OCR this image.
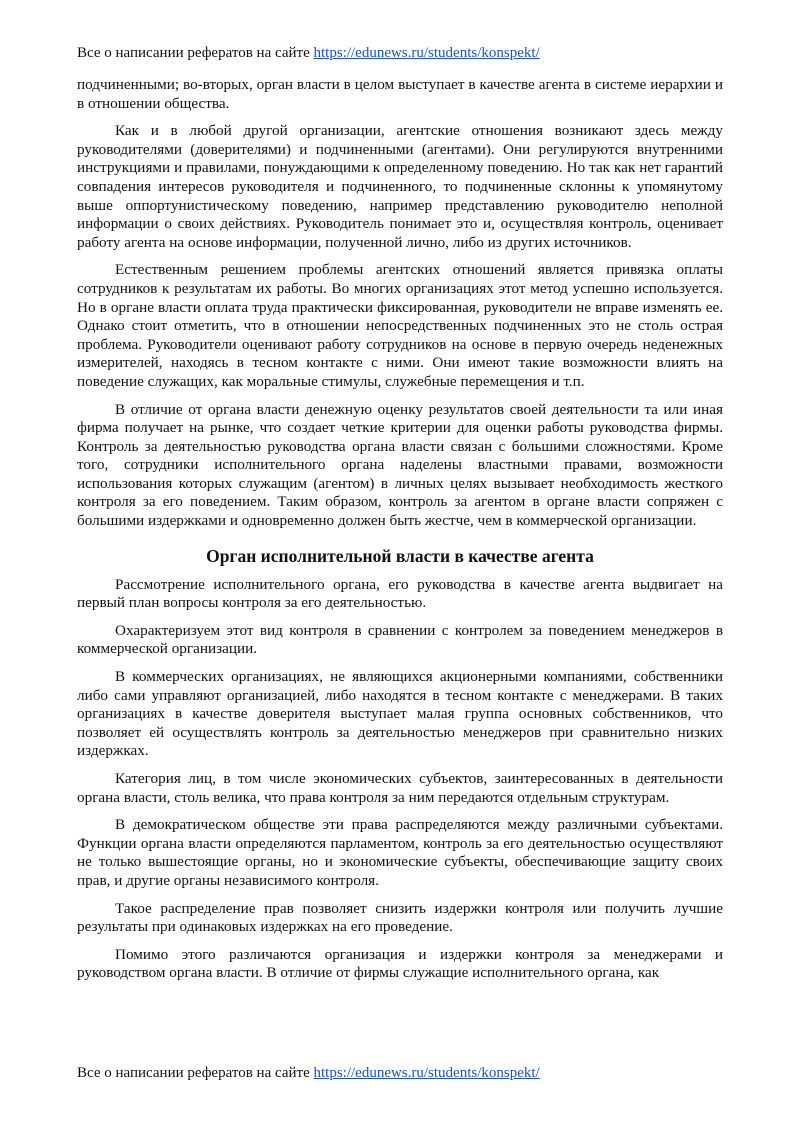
Все о написании рефератов на сайте https://edunews.ru/students/konspekt/

подчиненными; во-вторых, орган власти в целом выступает в качестве агента в системе иерархии и в отношении общества.

Как и в любой другой организации, агентские отношения возникают здесь между руководителями (доверителями) и подчиненными (агентами). Они регулируются внутренними инструкциями и правилами, понуждающими к определенному поведению. Но так как нет гарантий совпадения интересов руководителя и подчиненного, то подчиненные склонны к упомянутому выше оппортунистическому поведению, например представлению руководителю неполной информации о своих действиях. Руководитель понимает это и, осуществляя контроль, оценивает работу агента на основе информации, полученной лично, либо из других источников.

Естественным решением проблемы агентских отношений является привязка оплаты сотрудников к результатам их работы. Во многих организациях этот метод успешно используется. Но в органе власти оплата труда практически фиксированная, руководители не вправе изменять ее. Однако стоит отметить, что в отношении непосредственных подчиненных это не столь острая проблема. Руководители оценивают работу сотрудников на основе в первую очередь неденежных измерителей, находясь в тесном контакте с ними. Они имеют такие возможности влиять на поведение служащих, как моральные стимулы, служебные перемещения и т.п.

В отличие от органа власти денежную оценку результатов своей деятельности та или иная фирма получает на рынке, что создает четкие критерии для оценки работы руководства фирмы. Контроль за деятельностью руководства органа власти связан с большими сложностями. Кроме того, сотрудники исполнительного органа наделены властными правами, возможности использования которых служащим (агентом) в личных целях вызывает необходимость жесткого контроля за его поведением. Таким образом, контроль за агентом в органе власти сопряжен с большими издержками и одновременно должен быть жестче, чем в коммерческой организации.

Орган исполнительной власти в качестве агента

Рассмотрение исполнительного органа, его руководства в качестве агента выдвигает на первый план вопросы контроля за его деятельностью.

Охарактеризуем этот вид контроля в сравнении с контролем за поведением менеджеров в коммерческой организации.

В коммерческих организациях, не являющихся акционерными компаниями, собственники либо сами управляют организацией, либо находятся в тесном контакте с менеджерами. В таких организациях в качестве доверителя выступает малая группа основных собственников, что позволяет ей осуществлять контроль за деятельностью менеджеров при сравнительно низких издержках.

Категория лиц, в том числе экономических субъектов, заинтересованных в деятельности органа власти, столь велика, что права контроля за ним передаются отдельным структурам.

В демократическом обществе эти права распределяются между различными субъектами. Функции органа власти определяются парламентом, контроль за его деятельностью осуществляют не только вышестоящие органы, но и экономические субъекты, обеспечивающие защиту своих прав, и другие органы независимого контроля.

Такое распределение прав позволяет снизить издержки контроля или получить лучшие результаты при одинаковых издержках на его проведение.

Помимо этого различаются организация и издержки контроля за менеджерами и руководством органа власти. В отличие от фирмы служащие исполнительного органа, как

Все о написании рефератов на сайте https://edunews.ru/students/konspekt/
